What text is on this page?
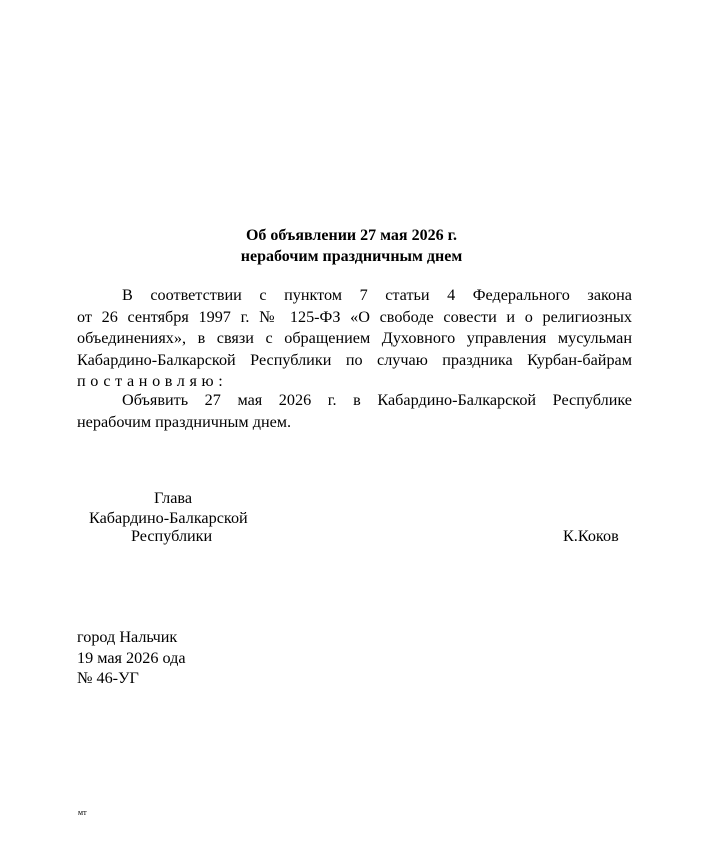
Об объявлении 27 мая 2026 г.
нерабочим праздничным днем
В соответствии с пунктом 7 статьи 4 Федерального закона
от 26 сентября 1997 г. № 125-ФЗ «О свободе совести и о религиозных
объединениях», в связи с обращением Духовного управления мусульман
Кабардино-Балкарской Республики по случаю праздника Курбан-байрам
постановляю:
Объявить 27 мая 2026 г. в Кабардино-Балкарской Республике
нерабочим праздничным днем.
Глава
Кабардино-Балкарской
Республики	К.Коков
город Нальчик
19 мая 2026 ода
№ 46-УГ
мт
